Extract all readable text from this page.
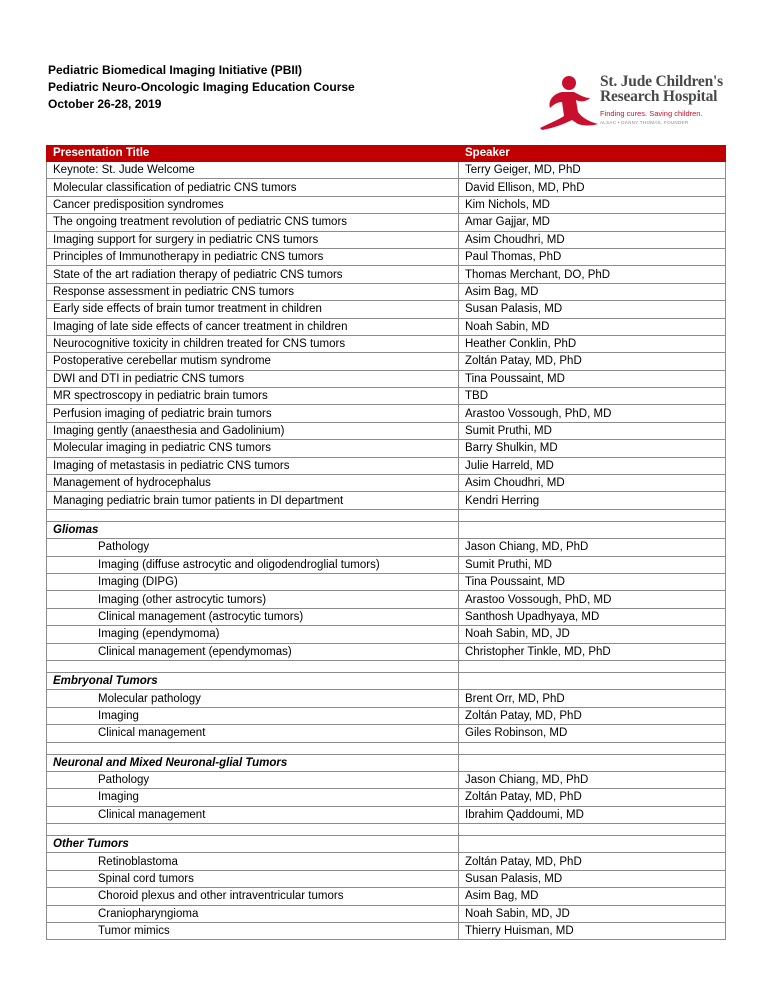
Pediatric Biomedical Imaging Initiative (PBII)
Pediatric Neuro-Oncologic Imaging Education Course
October 26-28, 2019
St. Jude Children's
Research Hospital
Finding cures. Saving children.
ALSAC • DANNY THOMAS, FOUNDER
Presentation Title	Speaker
Keynote: St. Jude Welcome	Terry Geiger, MD, PhD
Molecular classification of pediatric CNS tumors	David Ellison, MD, PhD
Cancer predisposition syndromes	Kim Nichols, MD
The ongoing treatment revolution of pediatric CNS tumors	Amar Gajjar, MD
Imaging support for surgery in pediatric CNS tumors	Asim Choudhri, MD
Principles of Immunotherapy in pediatric CNS tumors	Paul Thomas, PhD
State of the art radiation therapy of pediatric CNS tumors	Thomas Merchant, DO, PhD
Response assessment in pediatric CNS tumors	Asim Bag, MD
Early side effects of brain tumor treatment in children	Susan Palasis, MD
Imaging of late side effects of cancer treatment in children	Noah Sabin, MD
Neurocognitive toxicity in children treated for CNS tumors	Heather Conklin, PhD
Postoperative cerebellar mutism syndrome	Zoltán Patay, MD, PhD
DWI and DTI in pediatric CNS tumors	Tina Poussaint, MD
MR spectroscopy in pediatric brain tumors	TBD
Perfusion imaging of pediatric brain tumors	Arastoo Vossough, PhD, MD
Imaging gently (anaesthesia and Gadolinium)	Sumit Pruthi, MD
Molecular imaging in pediatric CNS tumors	Barry Shulkin, MD
Imaging of metastasis in pediatric CNS tumors	Julie Harreld, MD
Management of hydrocephalus	Asim Choudhri, MD
Managing pediatric brain tumor patients in DI department	Kendri Herring

Gliomas	
Pathology	Jason Chiang, MD, PhD
Imaging (diffuse astrocytic and oligodendroglial tumors)	Sumit Pruthi, MD
Imaging (DIPG)	Tina Poussaint, MD
Imaging (other astrocytic tumors)	Arastoo Vossough, PhD, MD
Clinical management (astrocytic tumors)	Santhosh Upadhyaya, MD
Imaging (ependymoma)	Noah Sabin, MD, JD
Clinical management (ependymomas)	Christopher Tinkle, MD, PhD

Embryonal Tumors	
Molecular pathology	Brent Orr, MD, PhD
Imaging	Zoltán Patay, MD, PhD
Clinical management	Giles Robinson, MD

Neuronal and Mixed Neuronal-glial Tumors	
Pathology	Jason Chiang, MD, PhD
Imaging	Zoltán Patay, MD, PhD
Clinical management	Ibrahim Qaddoumi, MD

Other Tumors	
Retinoblastoma	Zoltán Patay, MD, PhD
Spinal cord tumors	Susan Palasis, MD
Choroid plexus and other intraventricular tumors	Asim Bag, MD
Craniopharyngioma	Noah Sabin, MD, JD
Tumor mimics	Thierry Huisman, MD
